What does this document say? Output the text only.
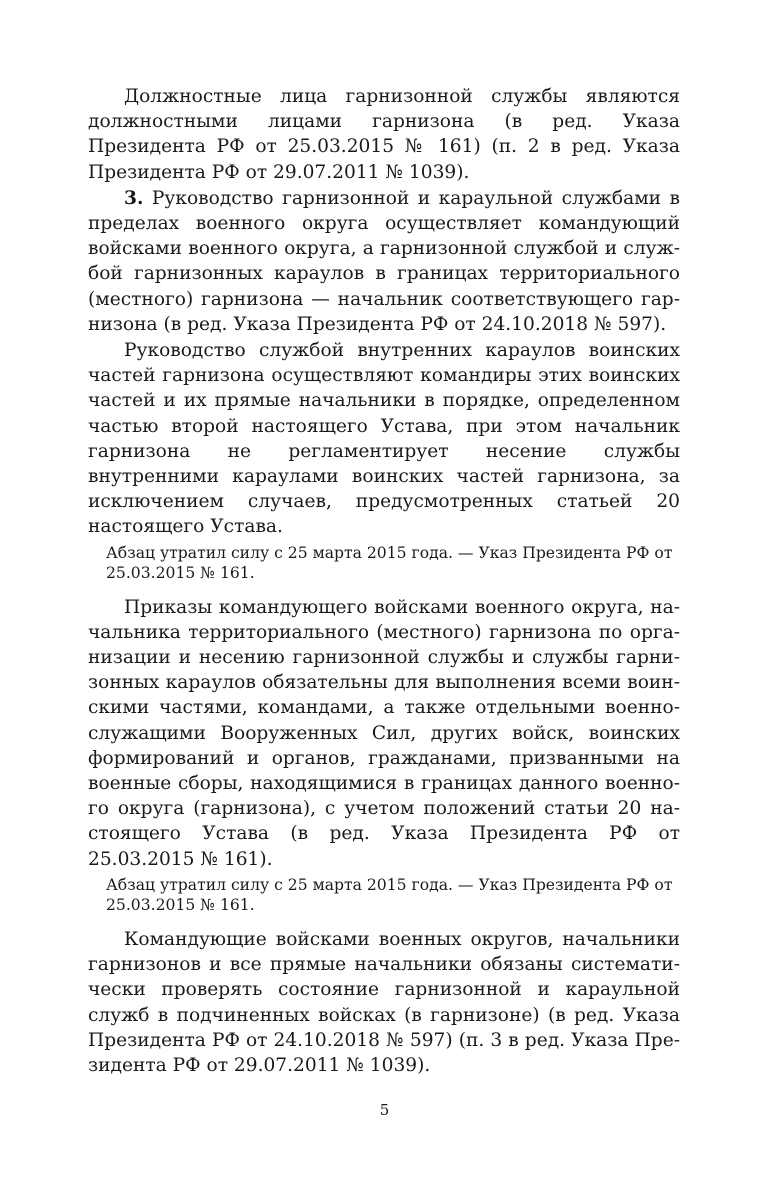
Должностные лица гарнизонной службы являются должностными лицами гарнизона (в ред. Указа Президента РФ от 25.03.2015 № 161) (п. 2 в ред. Указа Президента РФ от 29.07.2011 № 1039).

3. Руководство гарнизонной и караульной службами в пределах военного округа осуществляет командующий войсками военного округа, а гарнизонной службой и службой гарнизонных караулов в границах территориального (местного) гарнизона — начальник соответствующего гарнизона (в ред. Указа Президента РФ от 24.10.2018 № 597).

Руководство службой внутренних караулов воинских частей гарнизона осуществляют командиры этих воинских частей и их прямые начальники в порядке, определенном частью второй настоящего Устава, при этом начальник гарнизона не регламентирует несение службы внутренними караулами воинских частей гарнизона, за исключением случаев, предусмотренных статьей 20 настоящего Устава.

Абзац утратил силу с 25 марта 2015 года. — Указ Президента РФ от 25.03.2015 № 161.

Приказы командующего войсками военного округа, начальника территориального (местного) гарнизона по организации и несению гарнизонной службы и службы гарнизонных караулов обязательны для выполнения всеми воинскими частями, командами, а также отдельными военнослужащими Вооруженных Сил, других войск, воинских формирований и органов, гражданами, призванными на военные сборы, находящимися в границах данного военного округа (гарнизона), с учетом положений статьи 20 настоящего Устава (в ред. Указа Президента РФ от 25.03.2015 № 161).

Абзац утратил силу с 25 марта 2015 года. — Указ Президента РФ от 25.03.2015 № 161.

Командующие войсками военных округов, начальники гарнизонов и все прямые начальники обязаны систематически проверять состояние гарнизонной и караульной служб в подчиненных войсках (в гарнизоне) (в ред. Указа Президента РФ от 24.10.2018 № 597) (п. 3 в ред. Указа Президента РФ от 29.07.2011 № 1039).

5
